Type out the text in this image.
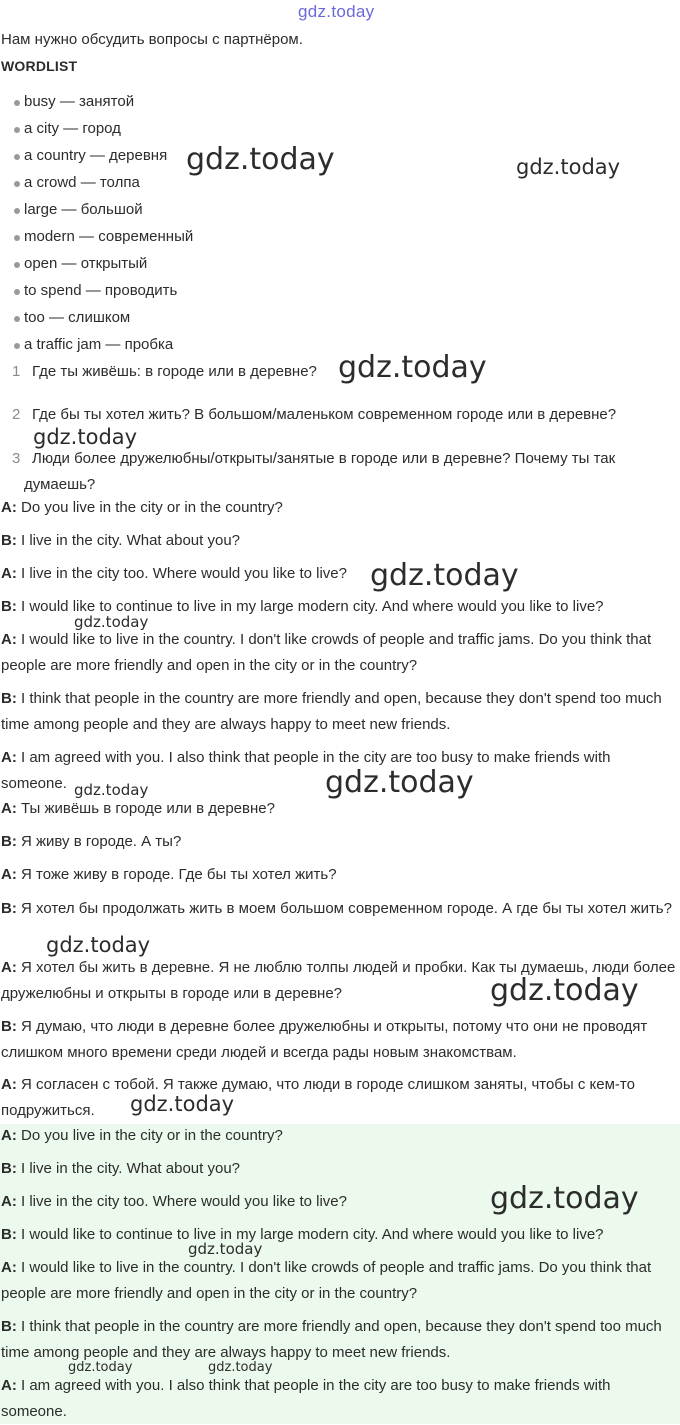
gdz.today
Нам нужно обсудить вопросы с партнёром.
WORDLIST
busy — занятой
a city — город
a country — деревня
a crowd — толпа
large — большой
modern — современный
open — открытый
to spend — проводить
too — слишком
a traffic jam — пробка
1 Где ты живёшь: в городе или в деревне?
2 Где бы ты хотел жить? В большом/маленьком современном городе или в деревне?
3 Люди более дружелюбны/открыты/занятые в городе или в деревне? Почему ты так думаешь?
A: Do you live in the city or in the country?
B: I live in the city. What about you?
A: I live in the city too. Where would you like to live?
B: I would like to continue to live in my large modern city. And where would you like to live?
A: I would like to live in the country. I don't like crowds of people and traffic jams. Do you think that people are more friendly and open in the city or in the country?
B: I think that people in the country are more friendly and open, because they don't spend too much time among people and they are always happy to meet new friends.
A: I am agreed with you. I also think that people in the city are too busy to make friends with someone.
A: Ты живёшь в городе или в деревне?
B: Я живу в городе. А ты?
A: Я тоже живу в городе. Где бы ты хотел жить?
B: Я хотел бы продолжать жить в моем большом современном городе. А где бы ты хотел жить?
A: Я хотел бы жить в деревне. Я не люблю толпы людей и пробки. Как ты думаешь, люди более дружелюбны и открыты в городе или в деревне?
B: Я думаю, что люди в деревне более дружелюбны и открыты, потому что они не проводят слишком много времени среди людей и всегда рады новым знакомствам.
A: Я согласен с тобой. Я также думаю, что люди в городе слишком заняты, чтобы с кем-то подружиться.
A: Do you live in the city or in the country?
B: I live in the city. What about you?
A: I live in the city too. Where would you like to live?
B: I would like to continue to live in my large modern city. And where would you like to live?
A: I would like to live in the country. I don't like crowds of people and traffic jams. Do you think that people are more friendly and open in the city or in the country?
B: I think that people in the country are more friendly and open, because they don't spend too much time among people and they are always happy to meet new friends.
A: I am agreed with you. I also think that people in the city are too busy to make friends with someone.
gdz.today	gdz.today
gdz.today
gdz.today
gdz.today
gdz.today
gdz.today	gdz.today
gdz.today
gdz.today
gdz.today
gdz.today
gdz.today
gdz.today	gdz.today
